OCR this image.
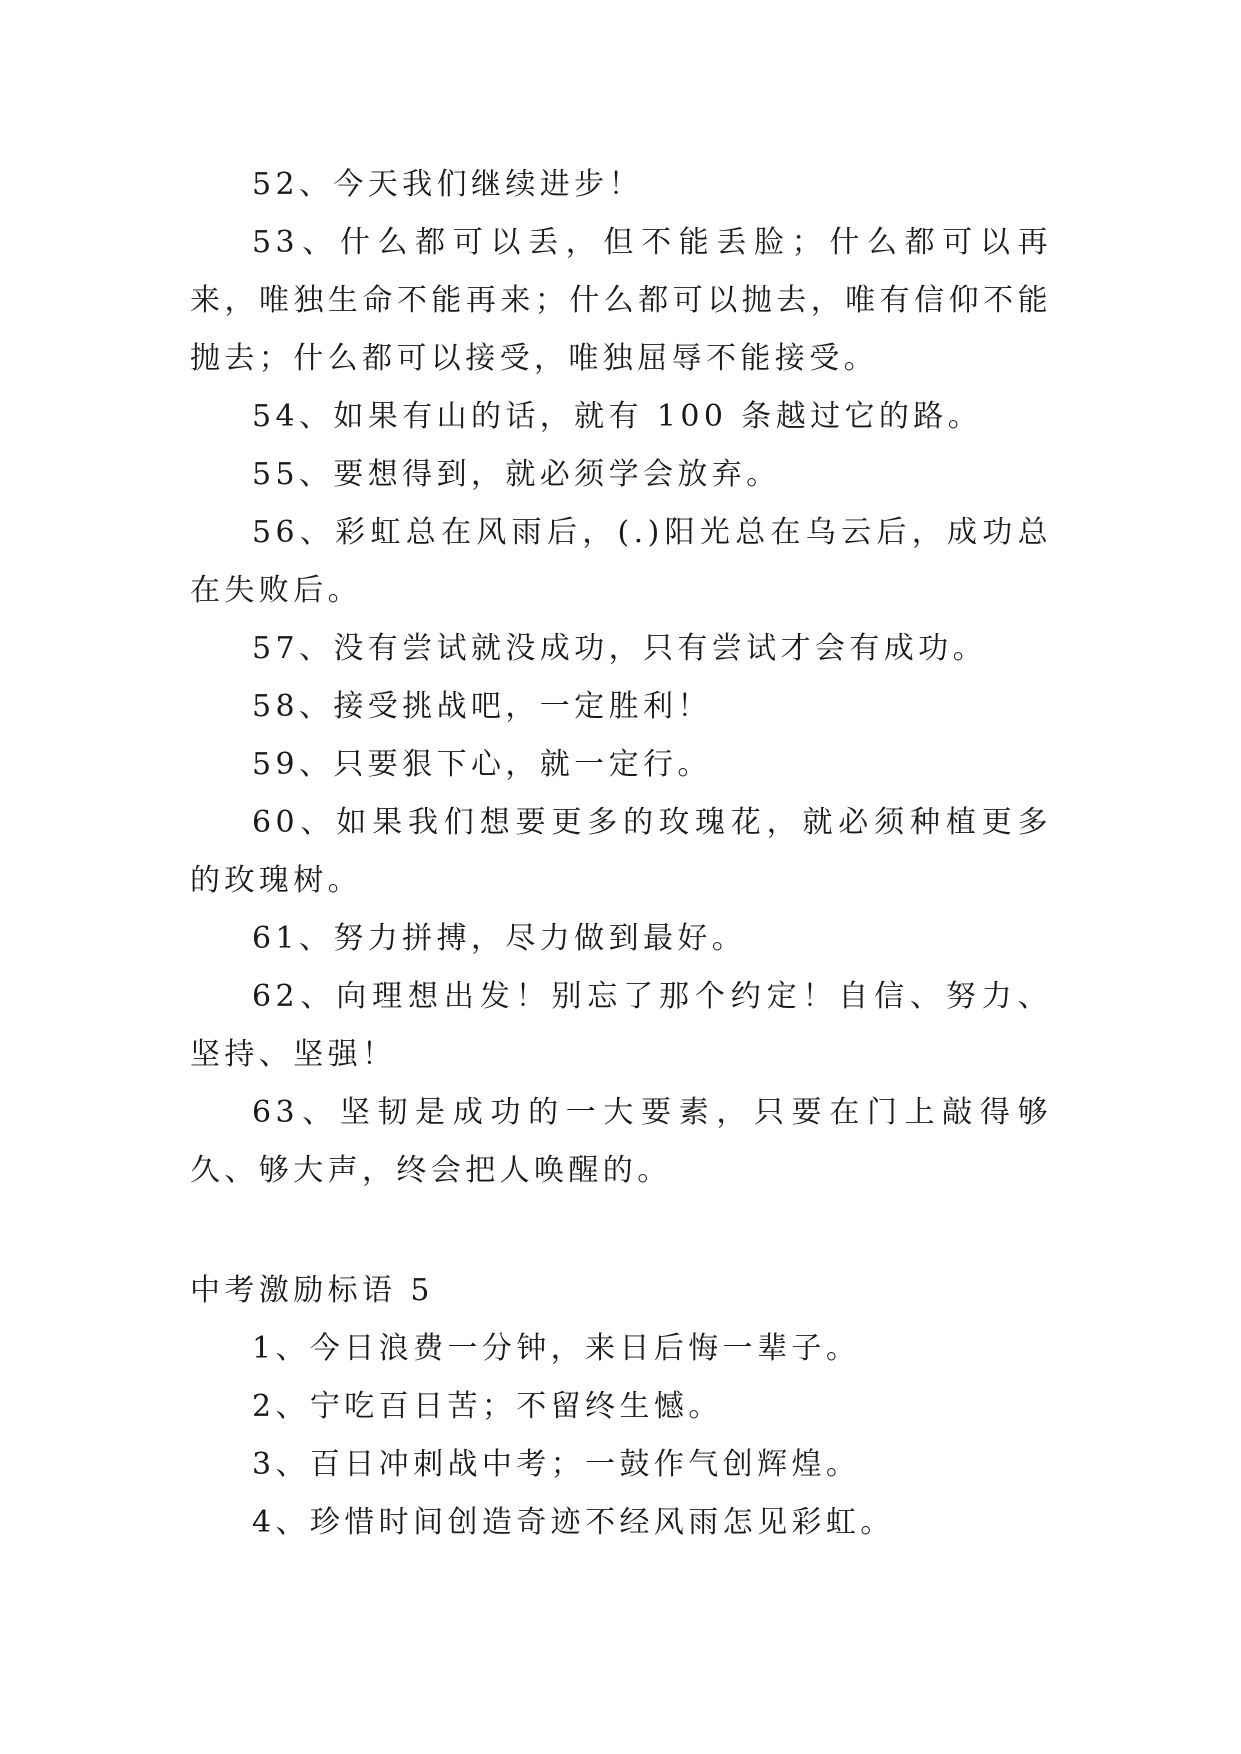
52、今天我们继续进步！

53、什么都可以丢，但不能丢脸；什么都可以再来，唯独生命不能再来；什么都可以抛去，唯有信仰不能抛去；什么都可以接受，唯独屈辱不能接受。

54、如果有山的话，就有 100 条越过它的路。

55、要想得到，就必须学会放弃。

56、彩虹总在风雨后，(.)阳光总在乌云后，成功总在失败后。

57、没有尝试就没成功，只有尝试才会有成功。

58、接受挑战吧，一定胜利！

59、只要狠下心，就一定行。

60、如果我们想要更多的玫瑰花，就必须种植更多的玫瑰树。

61、努力拼搏，尽力做到最好。

62、向理想出发！别忘了那个约定！自信、努力、坚持、坚强！

63、坚韧是成功的一大要素，只要在门上敲得够久、够大声，终会把人唤醒的。

中考激励标语 5

1、今日浪费一分钟，来日后悔一辈子。

2、宁吃百日苦；不留终生憾。

3、百日冲刺战中考；一鼓作气创辉煌。

4、珍惜时间创造奇迹不经风雨怎见彩虹。
